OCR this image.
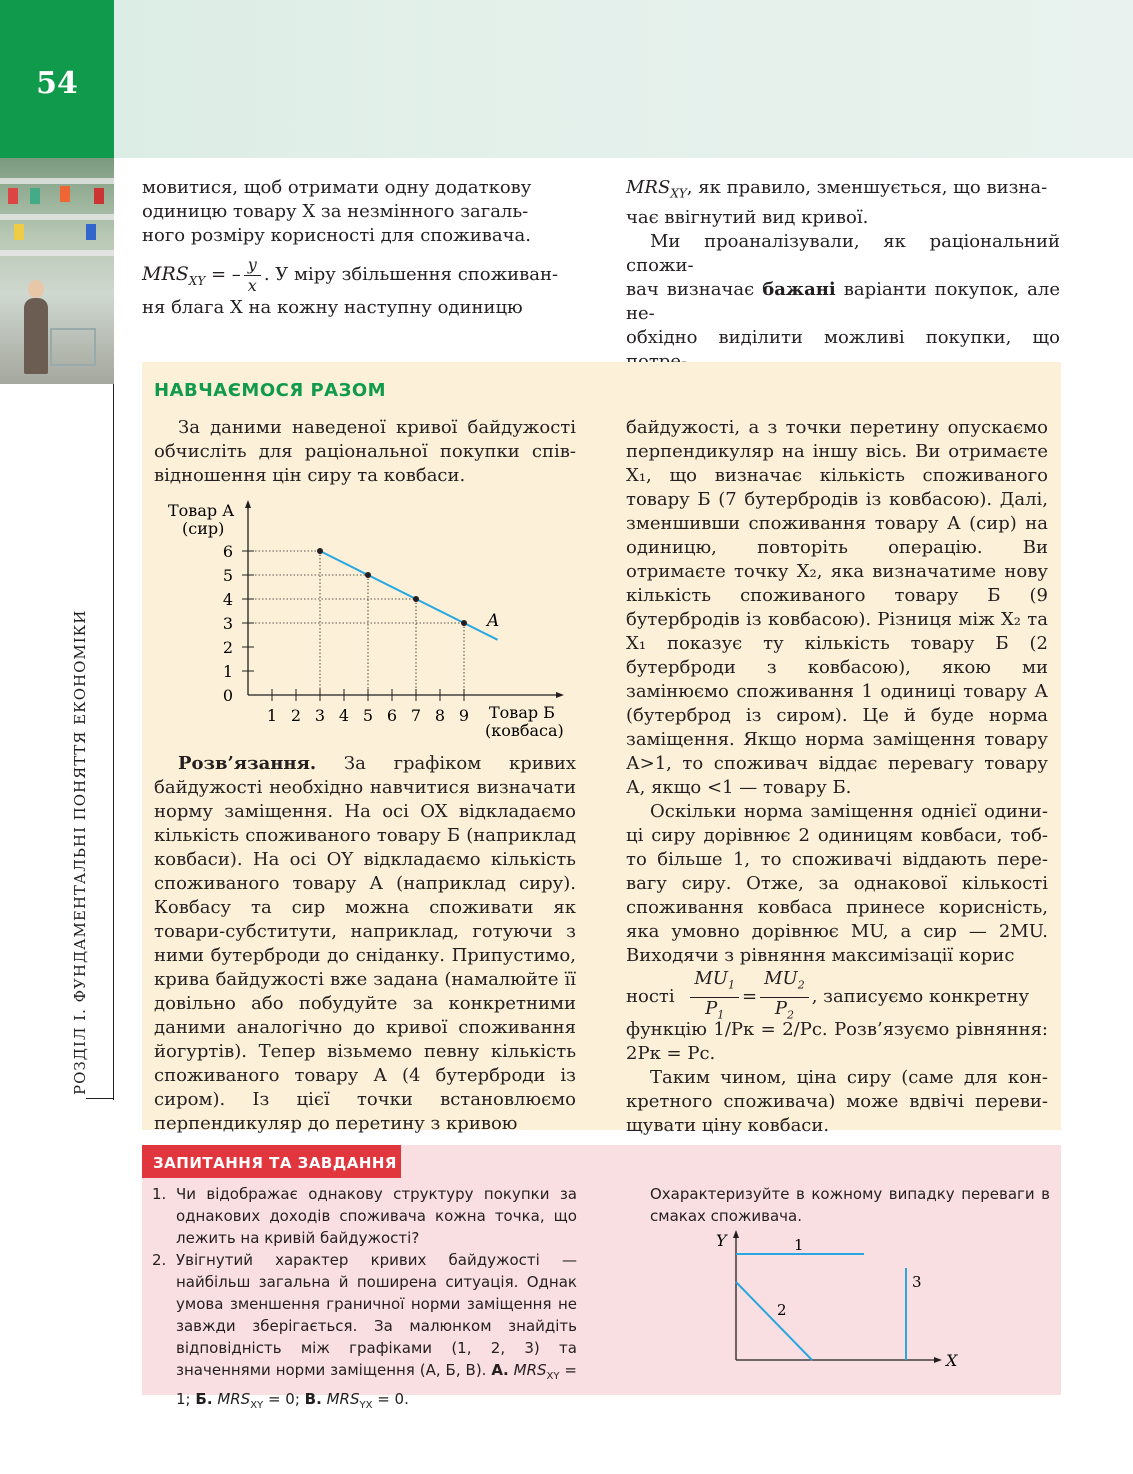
54
РОЗДІЛ І. ФУНДАМЕНТАЛЬНІ ПОНЯТТЯ ЕКОНОМІКИ

мовитися, щоб отримати одну додаткову

одиницю товару X за незмінного загаль-

ного розміру корисності для споживача.

$MRS_{XY}$ = – $\frac{y}{x}$ . У міру збільшення споживан-

ня блага X на кожну наступну одиницю

$MRS_{XY}$, як правило, зменшується, що визна-

чає ввігнутий вид кривої.

Ми проаналізували, як раціональний спожи-

вач визначає бажані варіанти покупок, але не-

обхідно виділити можливі покупки, що

НАВЧАЄМОСЯ РАЗОМ

За даними наведеної кривої байдужості обчисліть для раціональної покупки співвідношення цін сиру та ковбаси.

Товар А
(сир)
Товар Б
(ковбаса)
0
1
2
3
4
5
6
1 2 3 4 5 6 7 8 9
A

Розв’язання. За графіком кривих байдужості необхідно навчитися визначати норму заміщення. На осі OX відкладаємо кількість споживаного товару Б (наприклад ковбаси). На осі OY відкладаємо кількість споживаного товару А (наприклад сиру). Ковбасу та сир можна споживати як товари-субститути, наприклад, готуючи з ними бутерброди до сніданку. Припустимо, крива байдужості вже задана (намалюйте її довільно або побудуйте за конкретними даними аналогічно до кривої споживання йогуртів). Тепер візьмемо певну кількість споживаного товару А (4 бутерброди із сиром). Із цієї точки встановлюємо перпендикуляр до перетину з кривою

байдужості, а з точки перетину опускаємо перпендикуляр на іншу вісь. Ви отримаєте X₁, що визначає кількість споживаного товару Б (7 бутербродів із ковбасою). Далі, зменшивши споживання товару А (сир) на одиницю, повторіть операцію. Ви отримаєте точку X₂, яка визначатиме нову кількість споживаного товару Б (9 бутербродів із ковбасою). Різниця між X₂ та X₁ показує ту кількість товару Б (2 бутерброди з ковбасою), якою ми замінюємо споживання 1 одиниці товару А (бутерброд із сиром). Це й буде норма заміщення. Якщо норма заміщення товару А>1, то споживач віддає перевагу товару А, якщо <1 — товару Б.

Оскільки норма заміщення однієї одиниці сиру дорівнює 2 одиницям ковбаси, тобто більше 1, то споживачі віддають перевагу сиру. Отже, за однакової кількості споживання ковбаса принесе корисність, яка умовно дорівнює MU, а сир — 2MU. Виходячи з рівняння максимізації корис

ності $\frac{MU_1}{P_1} = \frac{MU_2}{P_2}$ , записуємо конкретну

функцію 1/Pк = 2/Pс. Розв’язуємо рівняння: 2Pк = Pс.

Таким чином, ціна сиру (саме для конкретного споживача) може вдвічі перевищувати ціну ковбаси.

ЗАПИТАННЯ ТА ЗАВДАННЯ
1. Чи відображає однакову структуру покупки за однакових доходів споживача кожна точка, що лежить на кривій байдужості?
2. Увігнутий характер кривих байдужості — найбільш загальна й поширена ситуація. Однак умова зменшення граничної норми заміщення не завжди зберігається. За малюнком знайдіть відповідність між графіками (1, 2, 3) та значеннями норми заміщення (А, Б, В). А. $MRS_{XY} = 1$; Б. $MRS_{XY} = 0$; В. $MRS_{YX} = 0$.
Охарактеризуйте в кожному випадку переваги в смаках споживача.
Y
X
1
2
3
